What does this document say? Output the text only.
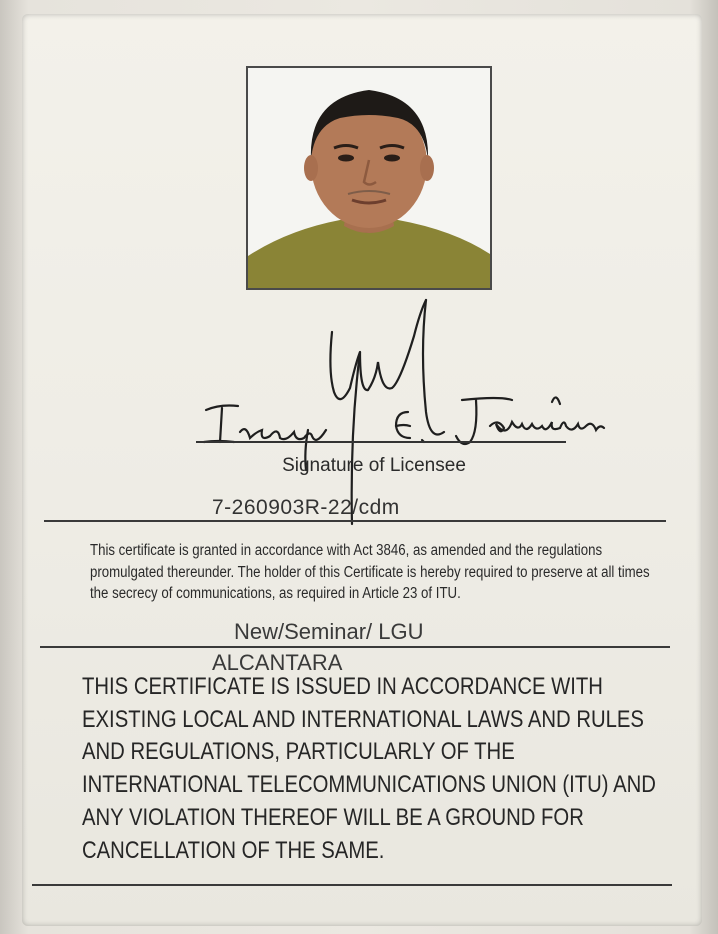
Signature of Licensee
7-260903R-22/cdm
This certificate is granted in accordance with Act 3846, as amended and the regulations promulgated thereunder. The holder of this Certificate is hereby required to preserve at all times the secrecy of communications, as required in Article 23 of ITU.
New/Seminar/ LGU
ALCANTARA
THIS CERTIFICATE IS ISSUED IN ACCORDANCE WITH EXISTING LOCAL AND INTERNATIONAL LAWS AND RULES AND REGULATIONS, PARTICULARLY OF THE INTERNATIONAL TELECOMMUNICATIONS UNION (ITU) AND ANY VIOLATION THEREOF WILL BE A GROUND FOR CANCELLATION OF THE SAME.
